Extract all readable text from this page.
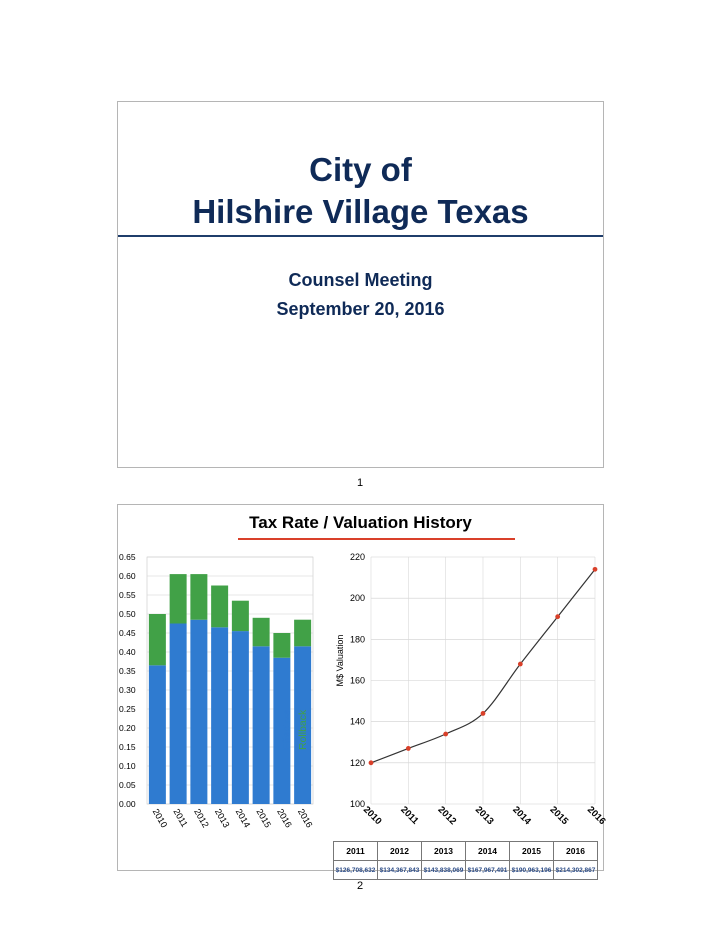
City of
Hilshire Village Texas
Counsel Meeting
September 20, 2016
1
Tax Rate / Valuation History
0.00
0.05
0.10
0.15
0.20
0.25
0.30
0.35
0.40
0.45
0.50
0.55
0.60
0.65
2010 2011 2012 2013 2014 2015 2016 2016
Effective Rollback
100
120
140
160
180
200
220
2010 2011 2012 2013 2014 2015 2016
M$ Valuation
2011	2012	2013	2014	2015	2016
$126,708,632	$134,367,843	$143,838,069	$167,967,491	$190,963,196	$214,302,867
2
